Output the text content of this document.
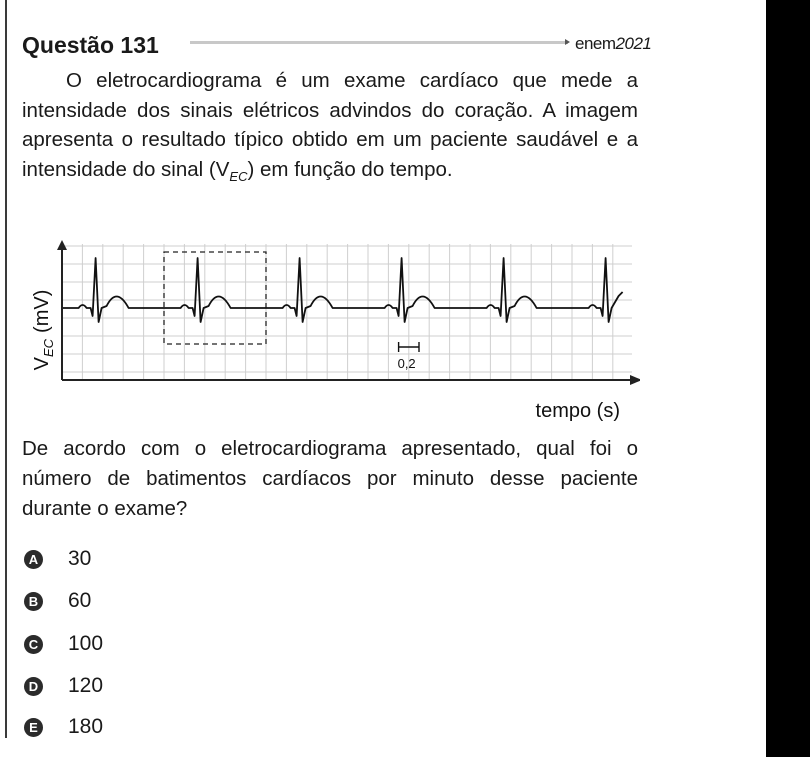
Questão 131	enem2021
O eletrocardiograma é um exame cardíaco que mede a intensidade dos sinais elétricos advindos do coração. A imagem apresenta o resultado típico obtido em um paciente saudável e a intensidade do sinal $(V_{EC})$ em função do tempo.
0,2
$V_{EC}(mV)$
tempo (s)
De acordo com o eletrocardiograma apresentado, qual foi o número de batimentos cardíacos por minuto desse paciente durante o exame?
A 30
B 60
C 100
D 120
E 180
